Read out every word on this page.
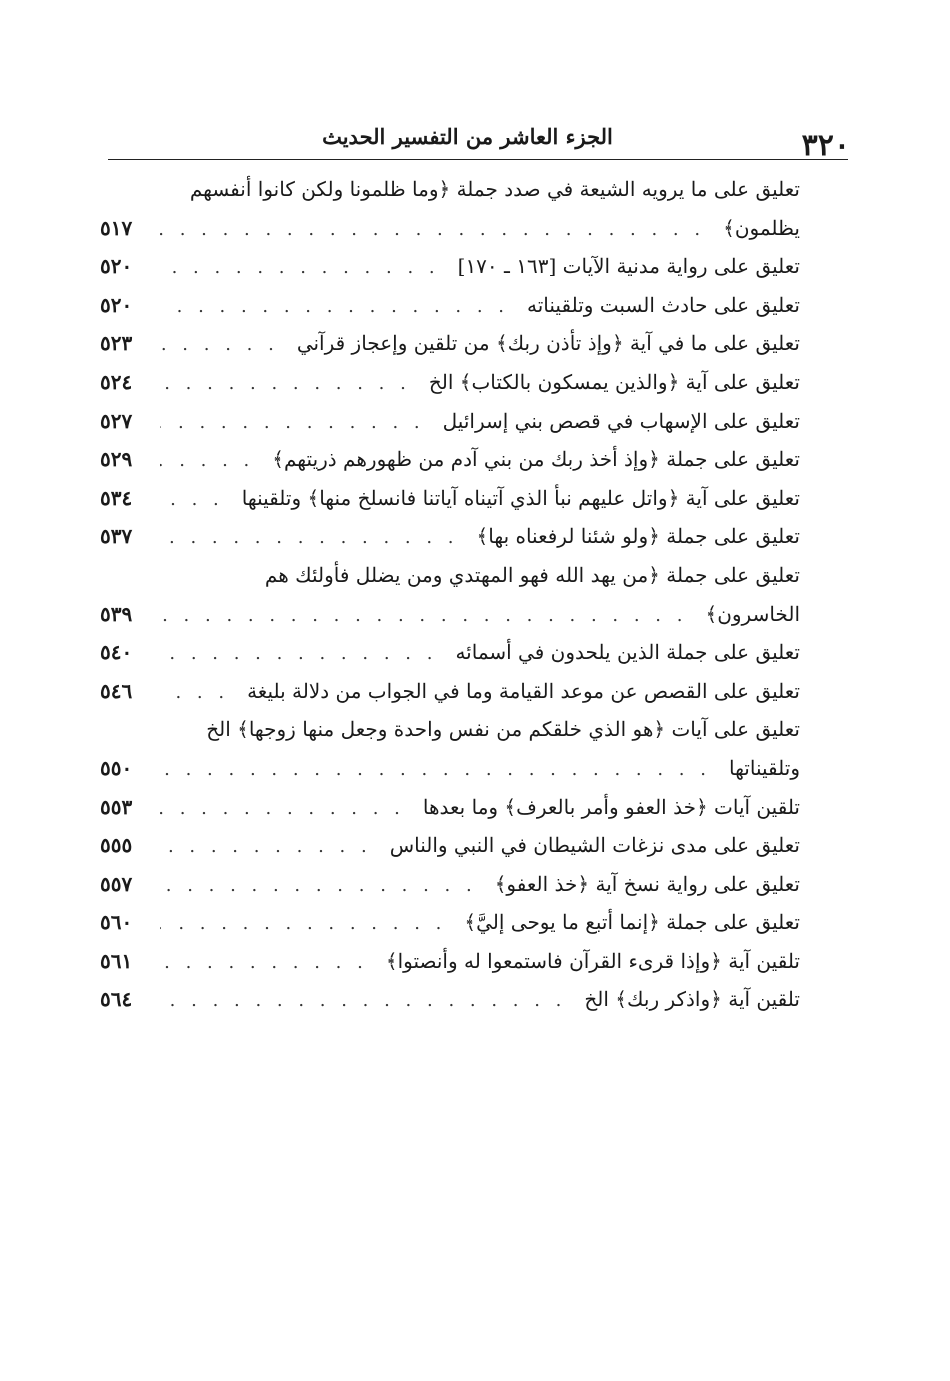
٣٢٠
الجزء العاشر من التفسير الحديث
تعليق على ما يرويه الشيعة في صدد جملة ﴿وما ظلمونا ولكن كانوا أنفسهم
يظلمون﴾
. . .
٥١٧
تعليق على رواية مدنية الآيات [١٦٣ ـ ١٧٠]
. . .
٥٢٠
تعليق على حادث السبت وتلقيناته
. . .
٥٢٠
تعليق على ما في آية ﴿وإذ تأذن ربك﴾ من تلقين وإعجاز قرآني
. . .
٥٢٣
تعليق على آية ﴿والذين يمسكون بالكتاب﴾ الخ
. . .
٥٢٤
تعليق على الإسهاب في قصص بني إسرائيل
. . .
٥٢٧
تعليق على جملة ﴿وإذ أخذ ربك من بني آدم من ظهورهم ذريتهم﴾
. . .
٥٢٩
تعليق على آية ﴿واتل عليهم نبأ الذي آتيناه آياتنا فانسلخ منها﴾ وتلقينها
. . .
٥٣٤
تعليق على جملة ﴿ولو شئنا لرفعناه بها﴾
. . .
٥٣٧
تعليق على جملة ﴿من يهد الله فهو المهتدي ومن يضلل فأولئك هم
الخاسرون﴾
. . .
٥٣٩
تعليق على جملة الذين يلحدون في أسمائه
. . .
٥٤٠
تعليق على القصص عن موعد القيامة وما في الجواب من دلالة بليغة
. . .
٥٤٦
تعليق على آيات ﴿هو الذي خلقكم من نفس واحدة وجعل منها زوجها﴾ الخ
وتلقيناتها
. . .
٥٥٠
تلقين آيات ﴿خذ العفو وأمر بالعرف﴾ وما بعدها
. . .
٥٥٣
تعليق على مدى نزغات الشيطان في النبي والناس
. . .
٥٥٥
تعليق على رواية نسخ آية ﴿خذ العفو﴾
. . .
٥٥٧
تعليق على جملة ﴿إنما أتبع ما يوحى إليَّ﴾
. . .
٥٦٠
تلقين آية ﴿وإذا قرىء القرآن فاستمعوا له وأنصتوا﴾
. . .
٥٦١
تلقين آية ﴿واذكر ربك﴾ الخ
. . .
٥٦٤
